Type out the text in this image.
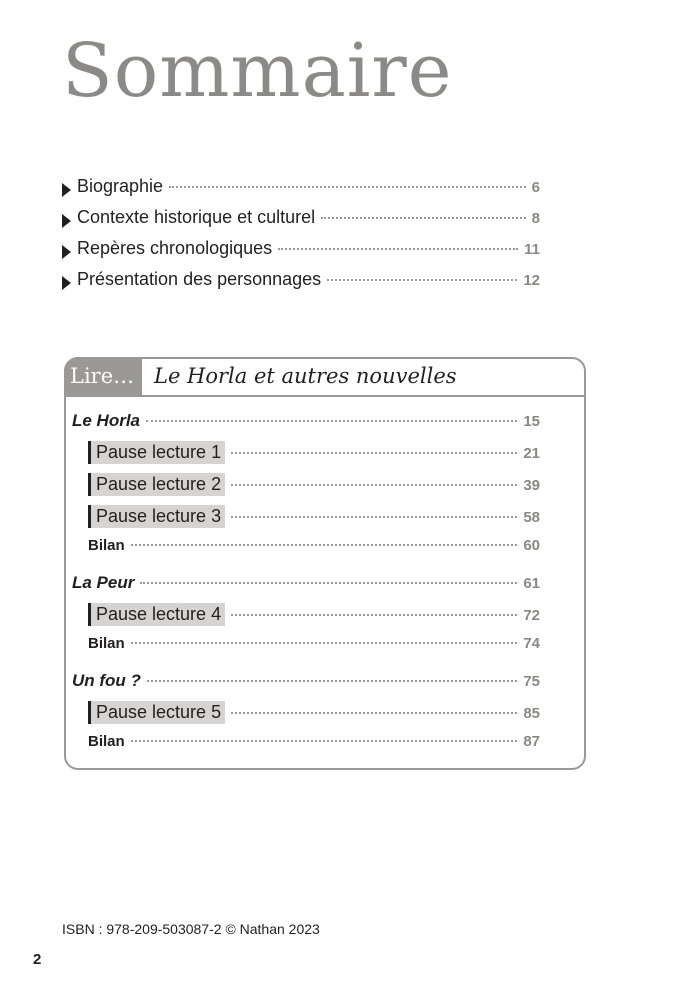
Sommaire
Biographie	6
Contexte historique et culturel	8
Repères chronologiques	11
Présentation des personnages	12
Lire… Le Horla et autres nouvelles
Le Horla	15
Pause lecture 1	21
Pause lecture 2	39
Pause lecture 3	58
Bilan	60
La Peur	61
Pause lecture 4	72
Bilan	74
Un fou ?	75
Pause lecture 5	85
Bilan	87
ISBN : 978-209-503087-2 © Nathan 2023
2
